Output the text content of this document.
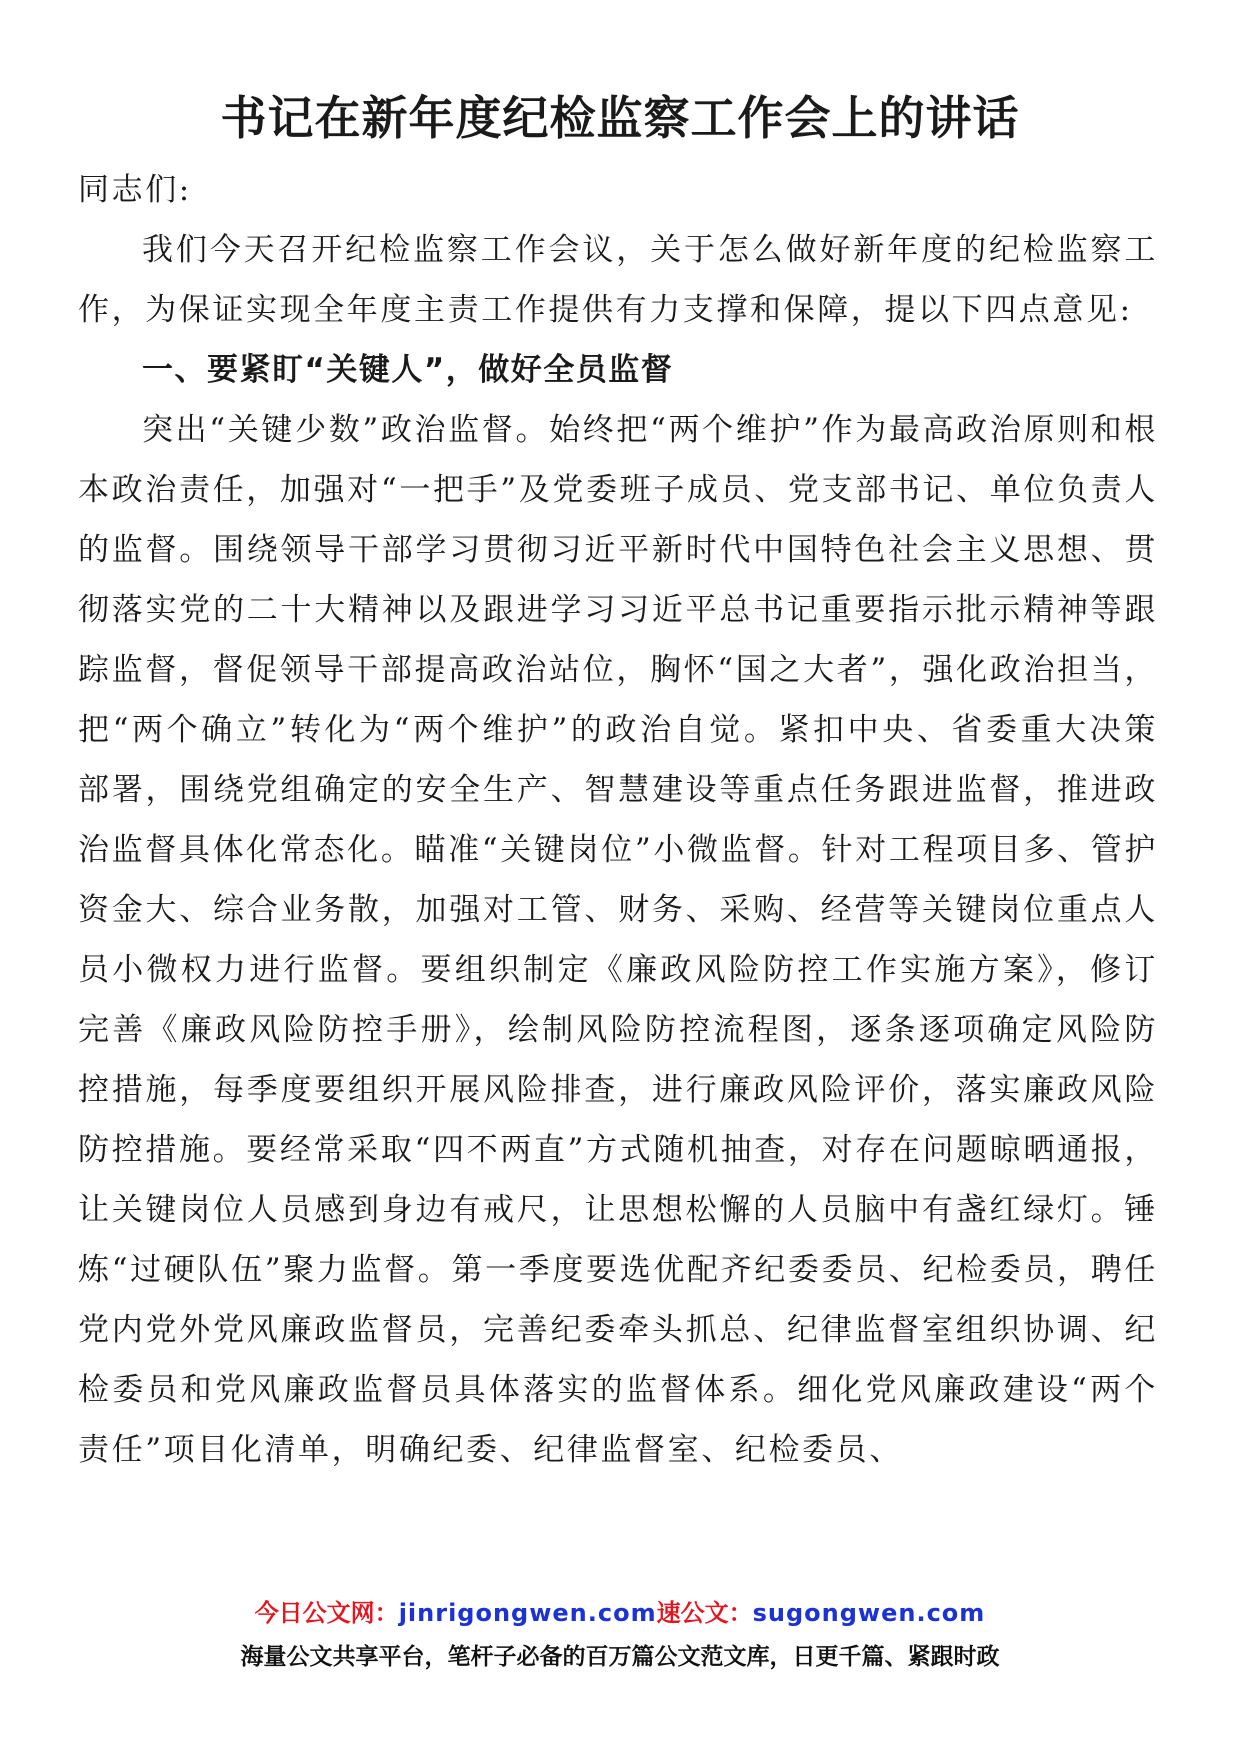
书记在新年度纪检监察工作会上的讲话

同志们:

我们今天召开纪检监察工作会议，关于怎么做好新年度的纪检监察工作，为保证实现全年度主责工作提供有力支撑和保障，提以下四点意见:

一、要紧盯“关键人”，做好全员监督

突出“关键少数”政治监督。始终把“两个维护”作为最高政治原则和根本政治责任，加强对“一把手”及党委班子成员、党支部书记、单位负责人的监督。围绕领导干部学习贯彻习近平新时代中国特色社会主义思想、贯彻落实党的二十大精神以及跟进学习习近平总书记重要指示批示精神等跟踪监督，督促领导干部提高政治站位，胸怀“国之大者”，强化政治担当，把“两个确立”转化为“两个维护”的政治自觉。紧扣中央、省委重大决策部署，围绕党组确定的安全生产、智慧建设等重点任务跟进监督，推进政治监督具体化常态化。瞄准“关键岗位”小微监督。针对工程项目多、管护资金大、综合业务散，加强对工管、财务、采购、经营等关键岗位重点人员小微权力进行监督。要组织制定《廉政风险防控工作实施方案》，修订完善《廉政风险防控手册》，绘制风险防控流程图，逐条逐项确定风险防控措施，每季度要组织开展风险排查，进行廉政风险评价，落实廉政风险防控措施。要经常采取“四不两直”方式随机抽查，对存在问题晾晒通报，让关键岗位人员感到身边有戒尺，让思想松懈的人员脑中有盏红绿灯。锤炼“过硬队伍”聚力监督。第一季度要选优配齐纪委委员、纪检委员，聘任党内党外党风廉政监督员，完善纪委牵头抓总、纪律监督室组织协调、纪检委员和党风廉政监督员具体落实的监督体系。细化党风廉政建设“两个责任”项目化清单，明确纪委、纪律监督室、纪检委员、

今日公文网：jinrigongwen.com速公文：sugongwen.com
海量公文共享平台，笔杆子必备的百万篇公文范文库，日更千篇、紧跟时政
